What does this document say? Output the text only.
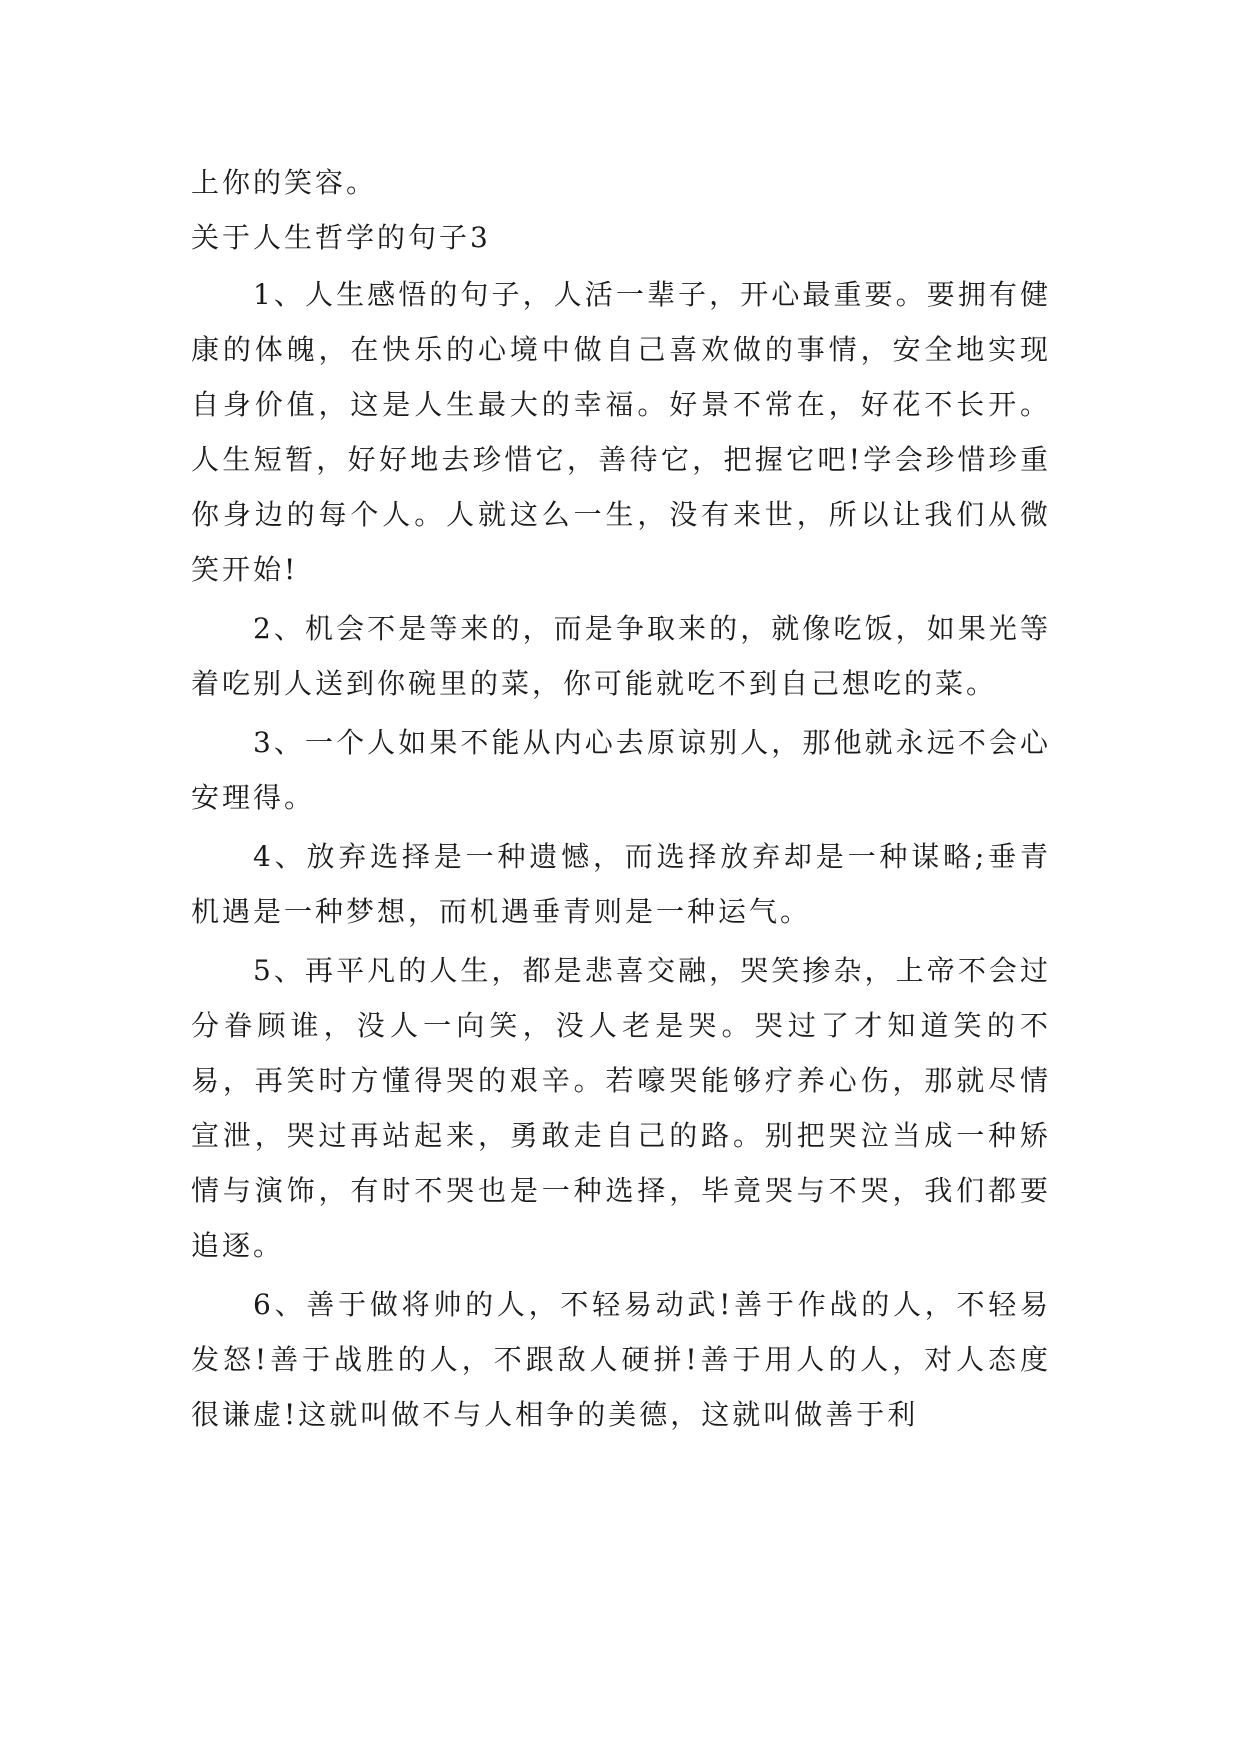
上你的笑容。
关于人生哲学的句子3

1、人生感悟的句子，人活一辈子，开心最重要。要拥有健康的体魄，在快乐的心境中做自己喜欢做的事情，安全地实现自身价值，这是人生最大的幸福。好景不常在，好花不长开。人生短暂，好好地去珍惜它，善待它，把握它吧!学会珍惜珍重你身边的每个人。人就这么一生，没有来世，所以让我们从微笑开始!

2、机会不是等来的，而是争取来的，就像吃饭，如果光等着吃别人送到你碗里的菜，你可能就吃不到自己想吃的菜。

3、一个人如果不能从内心去原谅别人，那他就永远不会心安理得。

4、放弃选择是一种遗憾，而选择放弃却是一种谋略;垂青机遇是一种梦想，而机遇垂青则是一种运气。

5、再平凡的人生，都是悲喜交融，哭笑掺杂，上帝不会过分眷顾谁，没人一向笑，没人老是哭。哭过了才知道笑的不易，再笑时方懂得哭的艰辛。若嚎哭能够疗养心伤，那就尽情宣泄，哭过再站起来，勇敢走自己的路。别把哭泣当成一种矫情与演饰，有时不哭也是一种选择，毕竟哭与不哭，我们都要追逐。

6、善于做将帅的人，不轻易动武!善于作战的人，不轻易发怒!善于战胜的人，不跟敌人硬拼!善于用人的人，对人态度很谦虚!这就叫做不与人相争的美德，这就叫做善于利
